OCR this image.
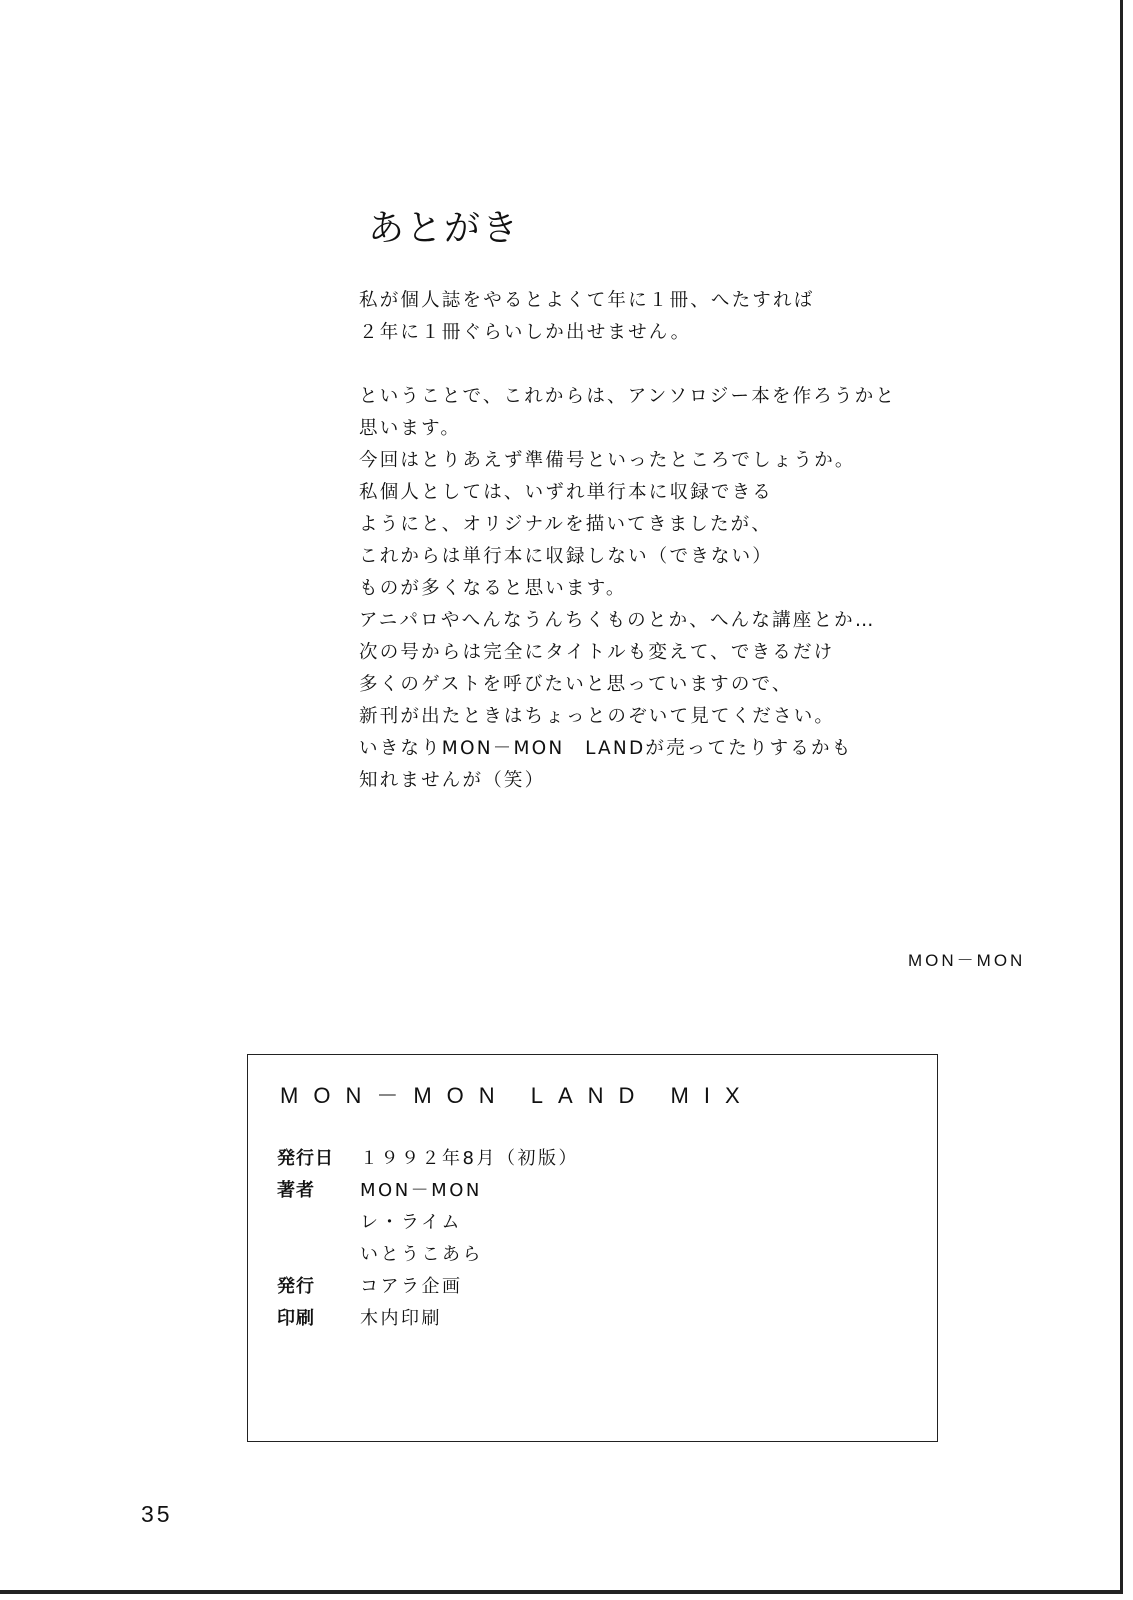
あとがき
私が個人誌をやるとよくて年に１冊、へたすれば
２年に１冊ぐらいしか出せません。
ということで、これからは、アンソロジー本を作ろうかと
思います。
今回はとりあえず準備号といったところでしょうか。
私個人としては、いずれ単行本に収録できる
ようにと、オリジナルを描いてきましたが、
これからは単行本に収録しない（できない）
ものが多くなると思います。
アニパロやへんなうんちくものとか、へんな講座とか…
次の号からは完全にタイトルも変えて、できるだけ
多くのゲストを呼びたいと思っていますので、
新刊が出たときはちょっとのぞいて見てください。
いきなりMON－MON　LANDが売ってたりするかも
知れませんが（笑）
MON－MON
MON－MON LAND MIX
発行日 １９９２年8月（初版）
著者	MON－MON
レ・ライム
いとうこあら
発行	コアラ企画
印刷	木内印刷
35
